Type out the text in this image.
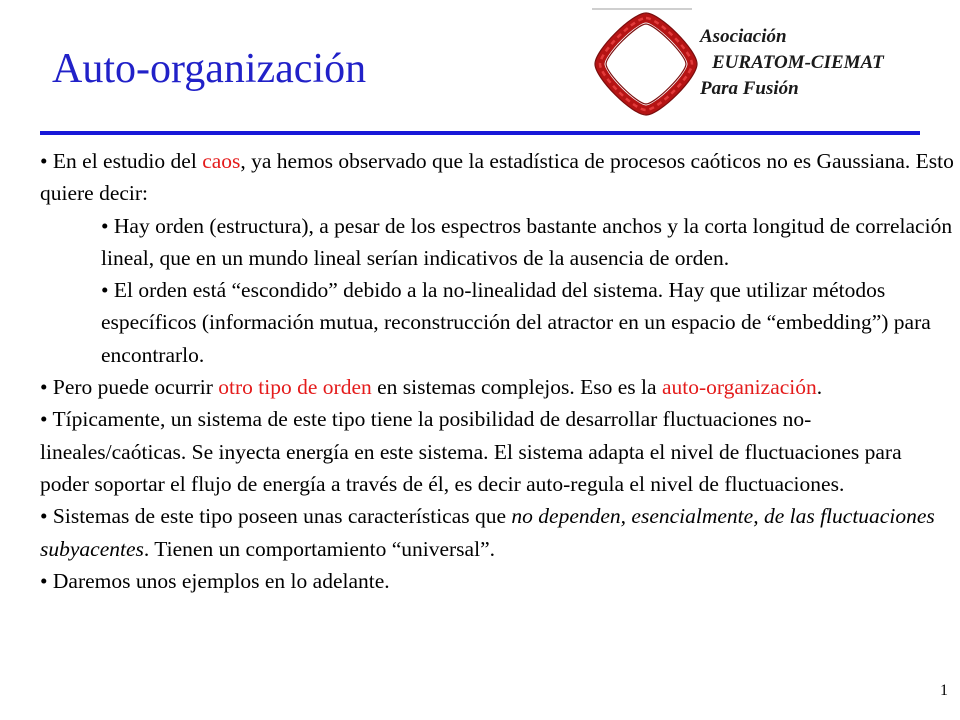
Auto-organización
Asociación
EURATOM-CIEMAT
Para Fusión

• En el estudio del caos, ya hemos observado que la estadística de procesos caóticos no es Gaussiana. Esto quiere decir:

• Hay orden (estructura), a pesar de los espectros bastante anchos y la corta longitud de correlación lineal, que en un mundo lineal serían indicativos de la ausencia de orden.

• El orden está “escondido” debido a la no-linealidad del sistema. Hay que utilizar métodos específicos (información mutua, reconstrucción del atractor en un espacio de “embedding”) para encontrarlo.

• Pero puede ocurrir otro tipo de orden en sistemas complejos. Eso es la auto-organización.

• Típicamente, un sistema de este tipo tiene la posibilidad de desarrollar fluctuaciones no-lineales/caóticas. Se inyecta energía en este sistema. El sistema adapta el nivel de fluctuaciones para poder soportar el flujo de energía a través de él, es decir auto-regula el nivel de fluctuaciones.

• Sistemas de este tipo poseen unas características que no dependen, esencialmente, de las fluctuaciones subyacentes. Tienen un comportamiento “universal”.

• Daremos unos ejemplos en lo adelante.

1
